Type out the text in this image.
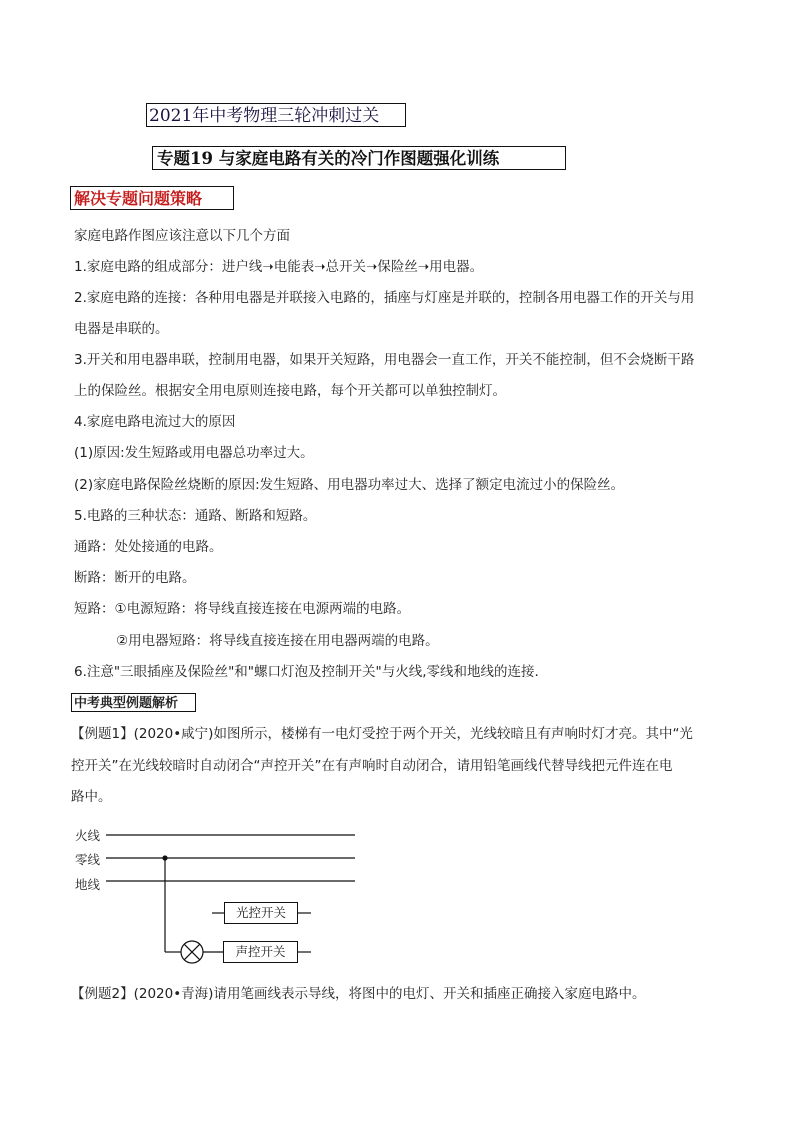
2021年中考物理三轮冲刺过关
专题19 与家庭电路有关的冷门作图题强化训练
解决专题问题策略
家庭电路作图应该注意以下几个方面
1.家庭电路的组成部分：进户线➝电能表➝总开关➝保险丝➝用电器。
2.家庭电路的连接：各种用电器是并联接入电路的，插座与灯座是并联的，控制各用电器工作的开关与用
电器是串联的。
3.开关和用电器串联，控制用电器，如果开关短路，用电器会一直工作，开关不能控制，但不会烧断干路
上的保险丝。根据安全用电原则连接电路，每个开关都可以单独控制灯。
4.家庭电路电流过大的原因
(1)原因:发生短路或用电器总功率过大。
(2)家庭电路保险丝烧断的原因:发生短路、用电器功率过大、选择了额定电流过小的保险丝。
5.电路的三种状态：通路、断路和短路。
通路：处处接通的电路。
断路：断开的电路。
短路：①电源短路：将导线直接连接在电源两端的电路。
②用电器短路：将导线直接连接在用电器两端的电路。
6.注意"三眼插座及保险丝"和"螺口灯泡及控制开关"与火线,零线和地线的连接.
中考典型例题解析
【例题1】(2020•咸宁)如图所示，楼梯有一电灯受控于两个开关，光线较暗且有声响时灯才亮。其中“光
控开关”在光线较暗时自动闭合“声控开关”在有声响时自动闭合，请用铅笔画线代替导线把元件连在电
路中。
火线
零线
地线
光控开关
声控开关
【例题2】(2020•青海)请用笔画线表示导线，将图中的电灯、开关和插座正确接入家庭电路中。
